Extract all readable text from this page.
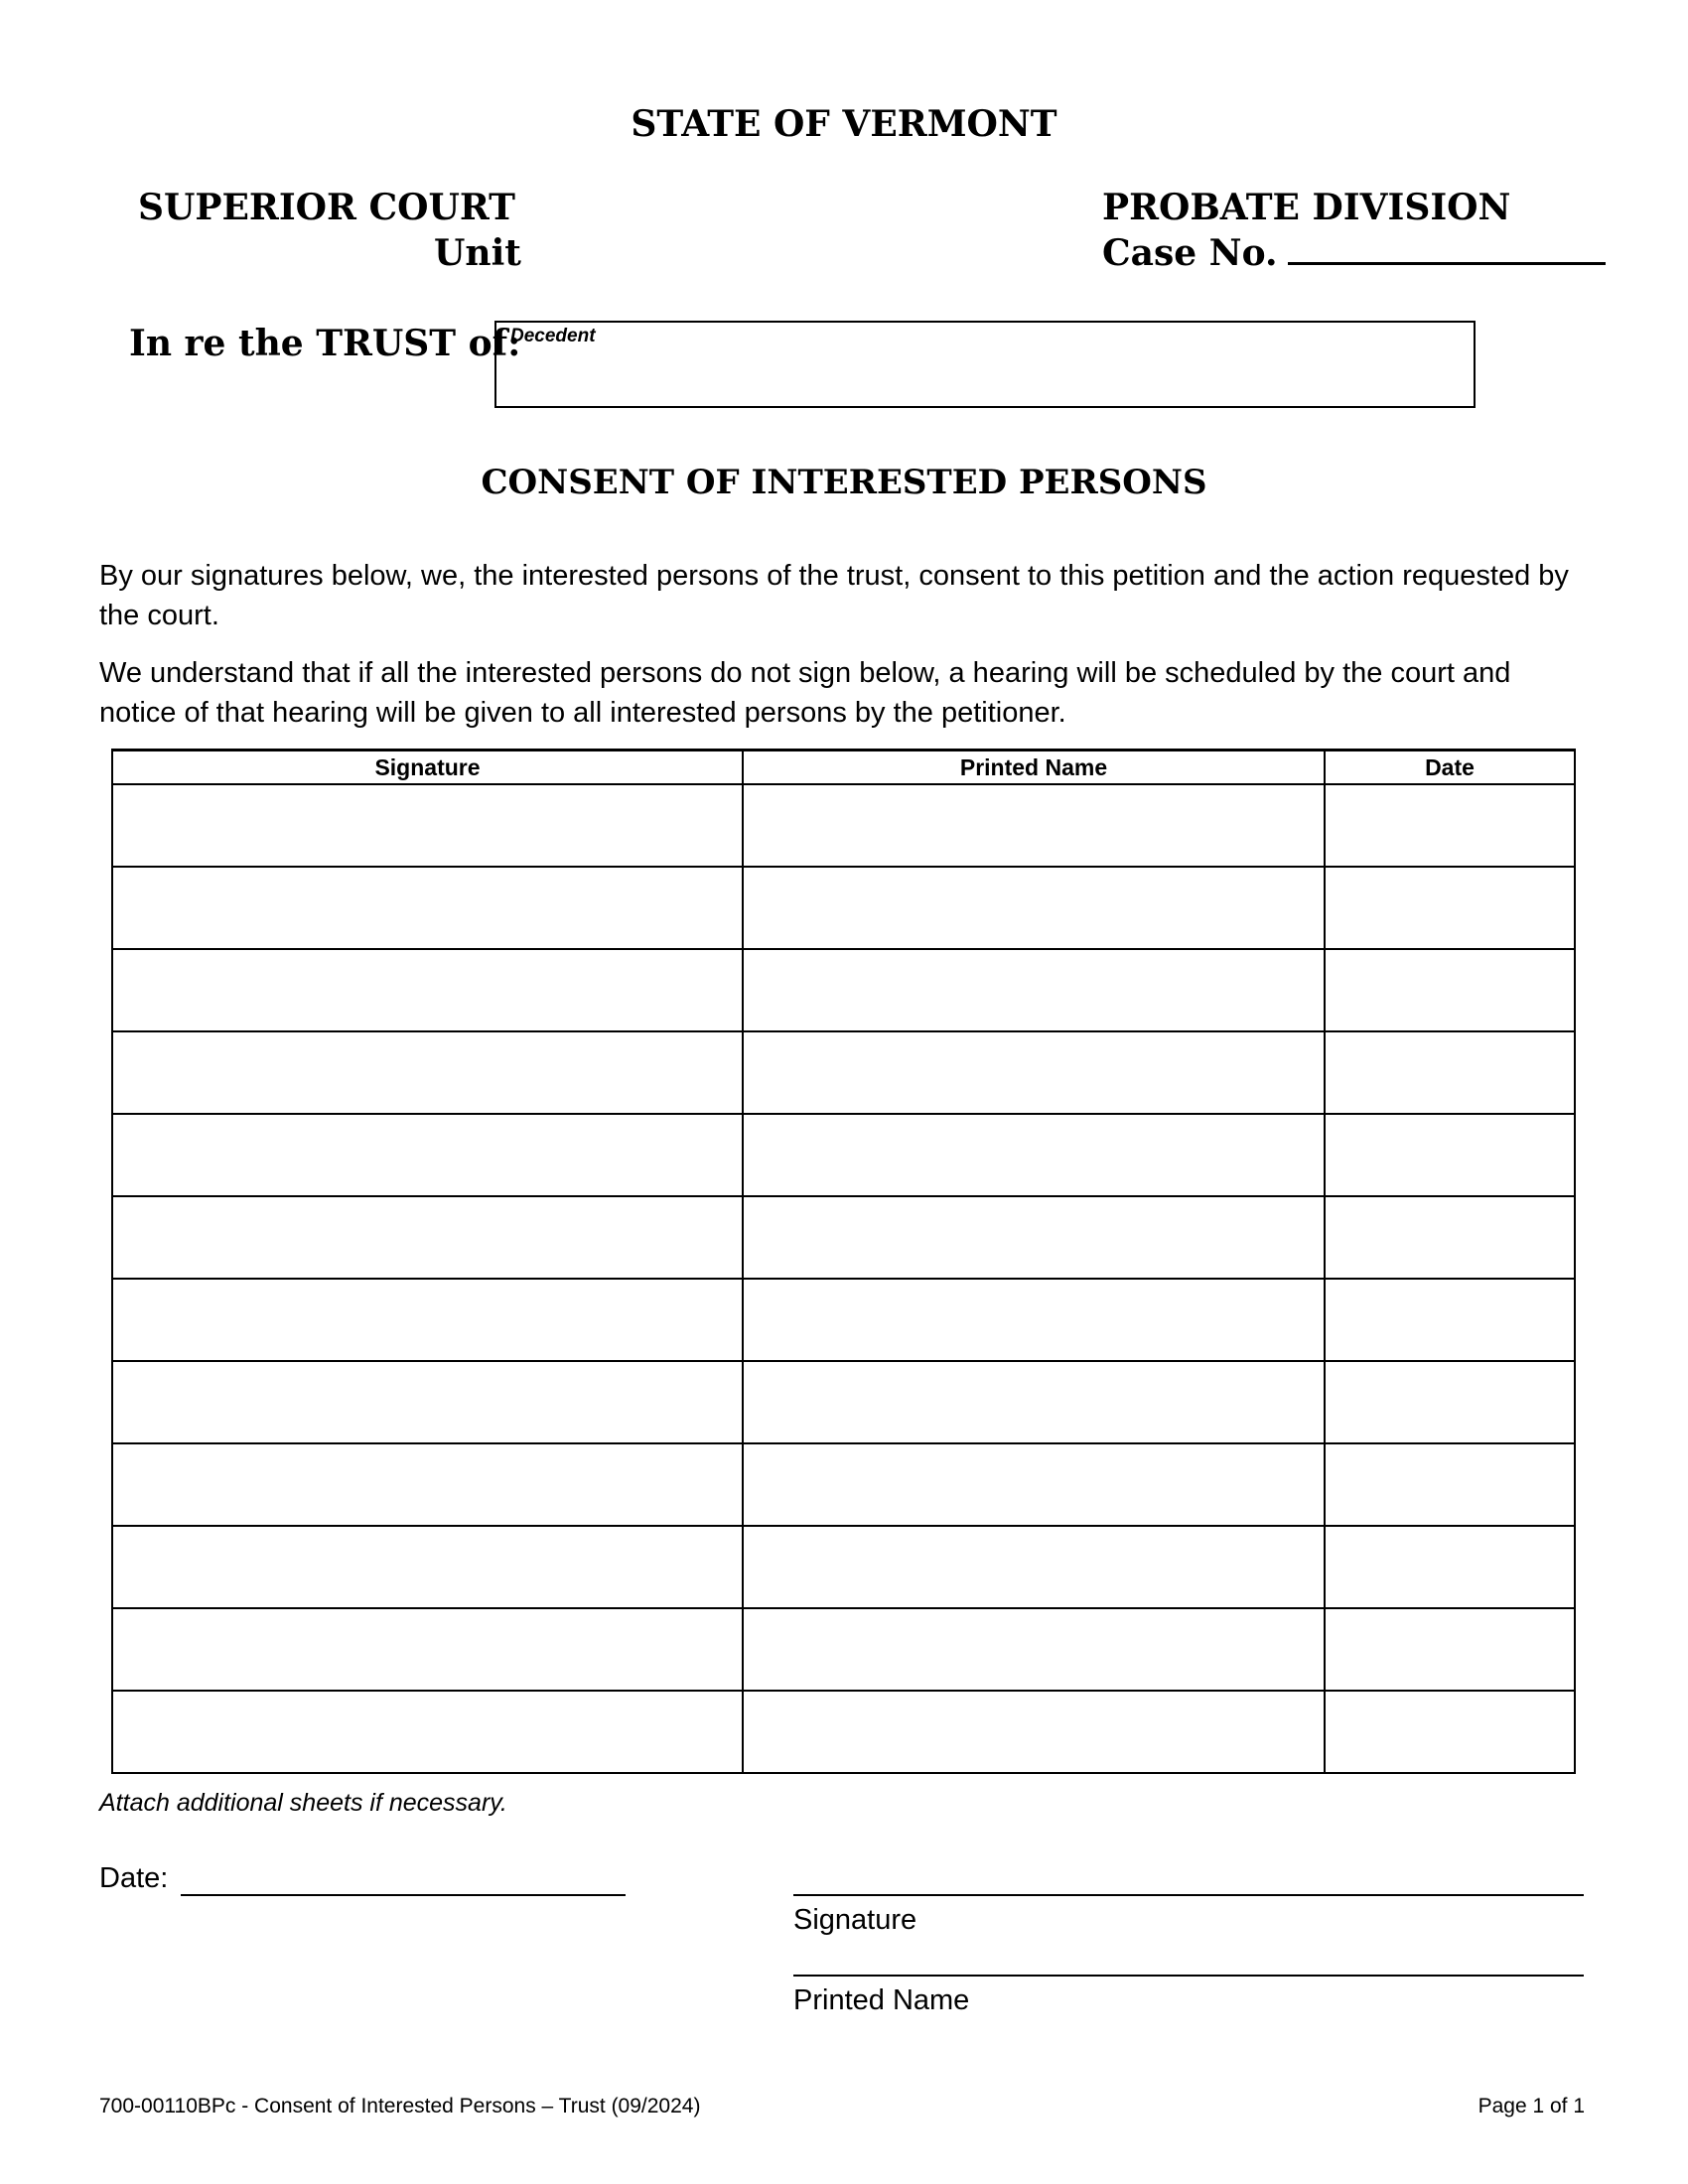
STATE OF VERMONT
SUPERIOR COURT
Unit
PROBATE DIVISION
Case No.
In re the TRUST of:
Decedent
CONSENT OF INTERESTED PERSONS
By our signatures below, we, the interested persons of the trust, consent to this petition and the action requested by the court.
We understand that if all the interested persons do not sign below, a hearing will be scheduled by the court and notice of that hearing will be given to all interested persons by the petitioner.
Signature	Printed Name	Date

Attach additional sheets if necessary.
Date:
Signature
Printed Name
700-00110BPc - Consent of Interested Persons – Trust (09/2024)	Page 1 of 1
